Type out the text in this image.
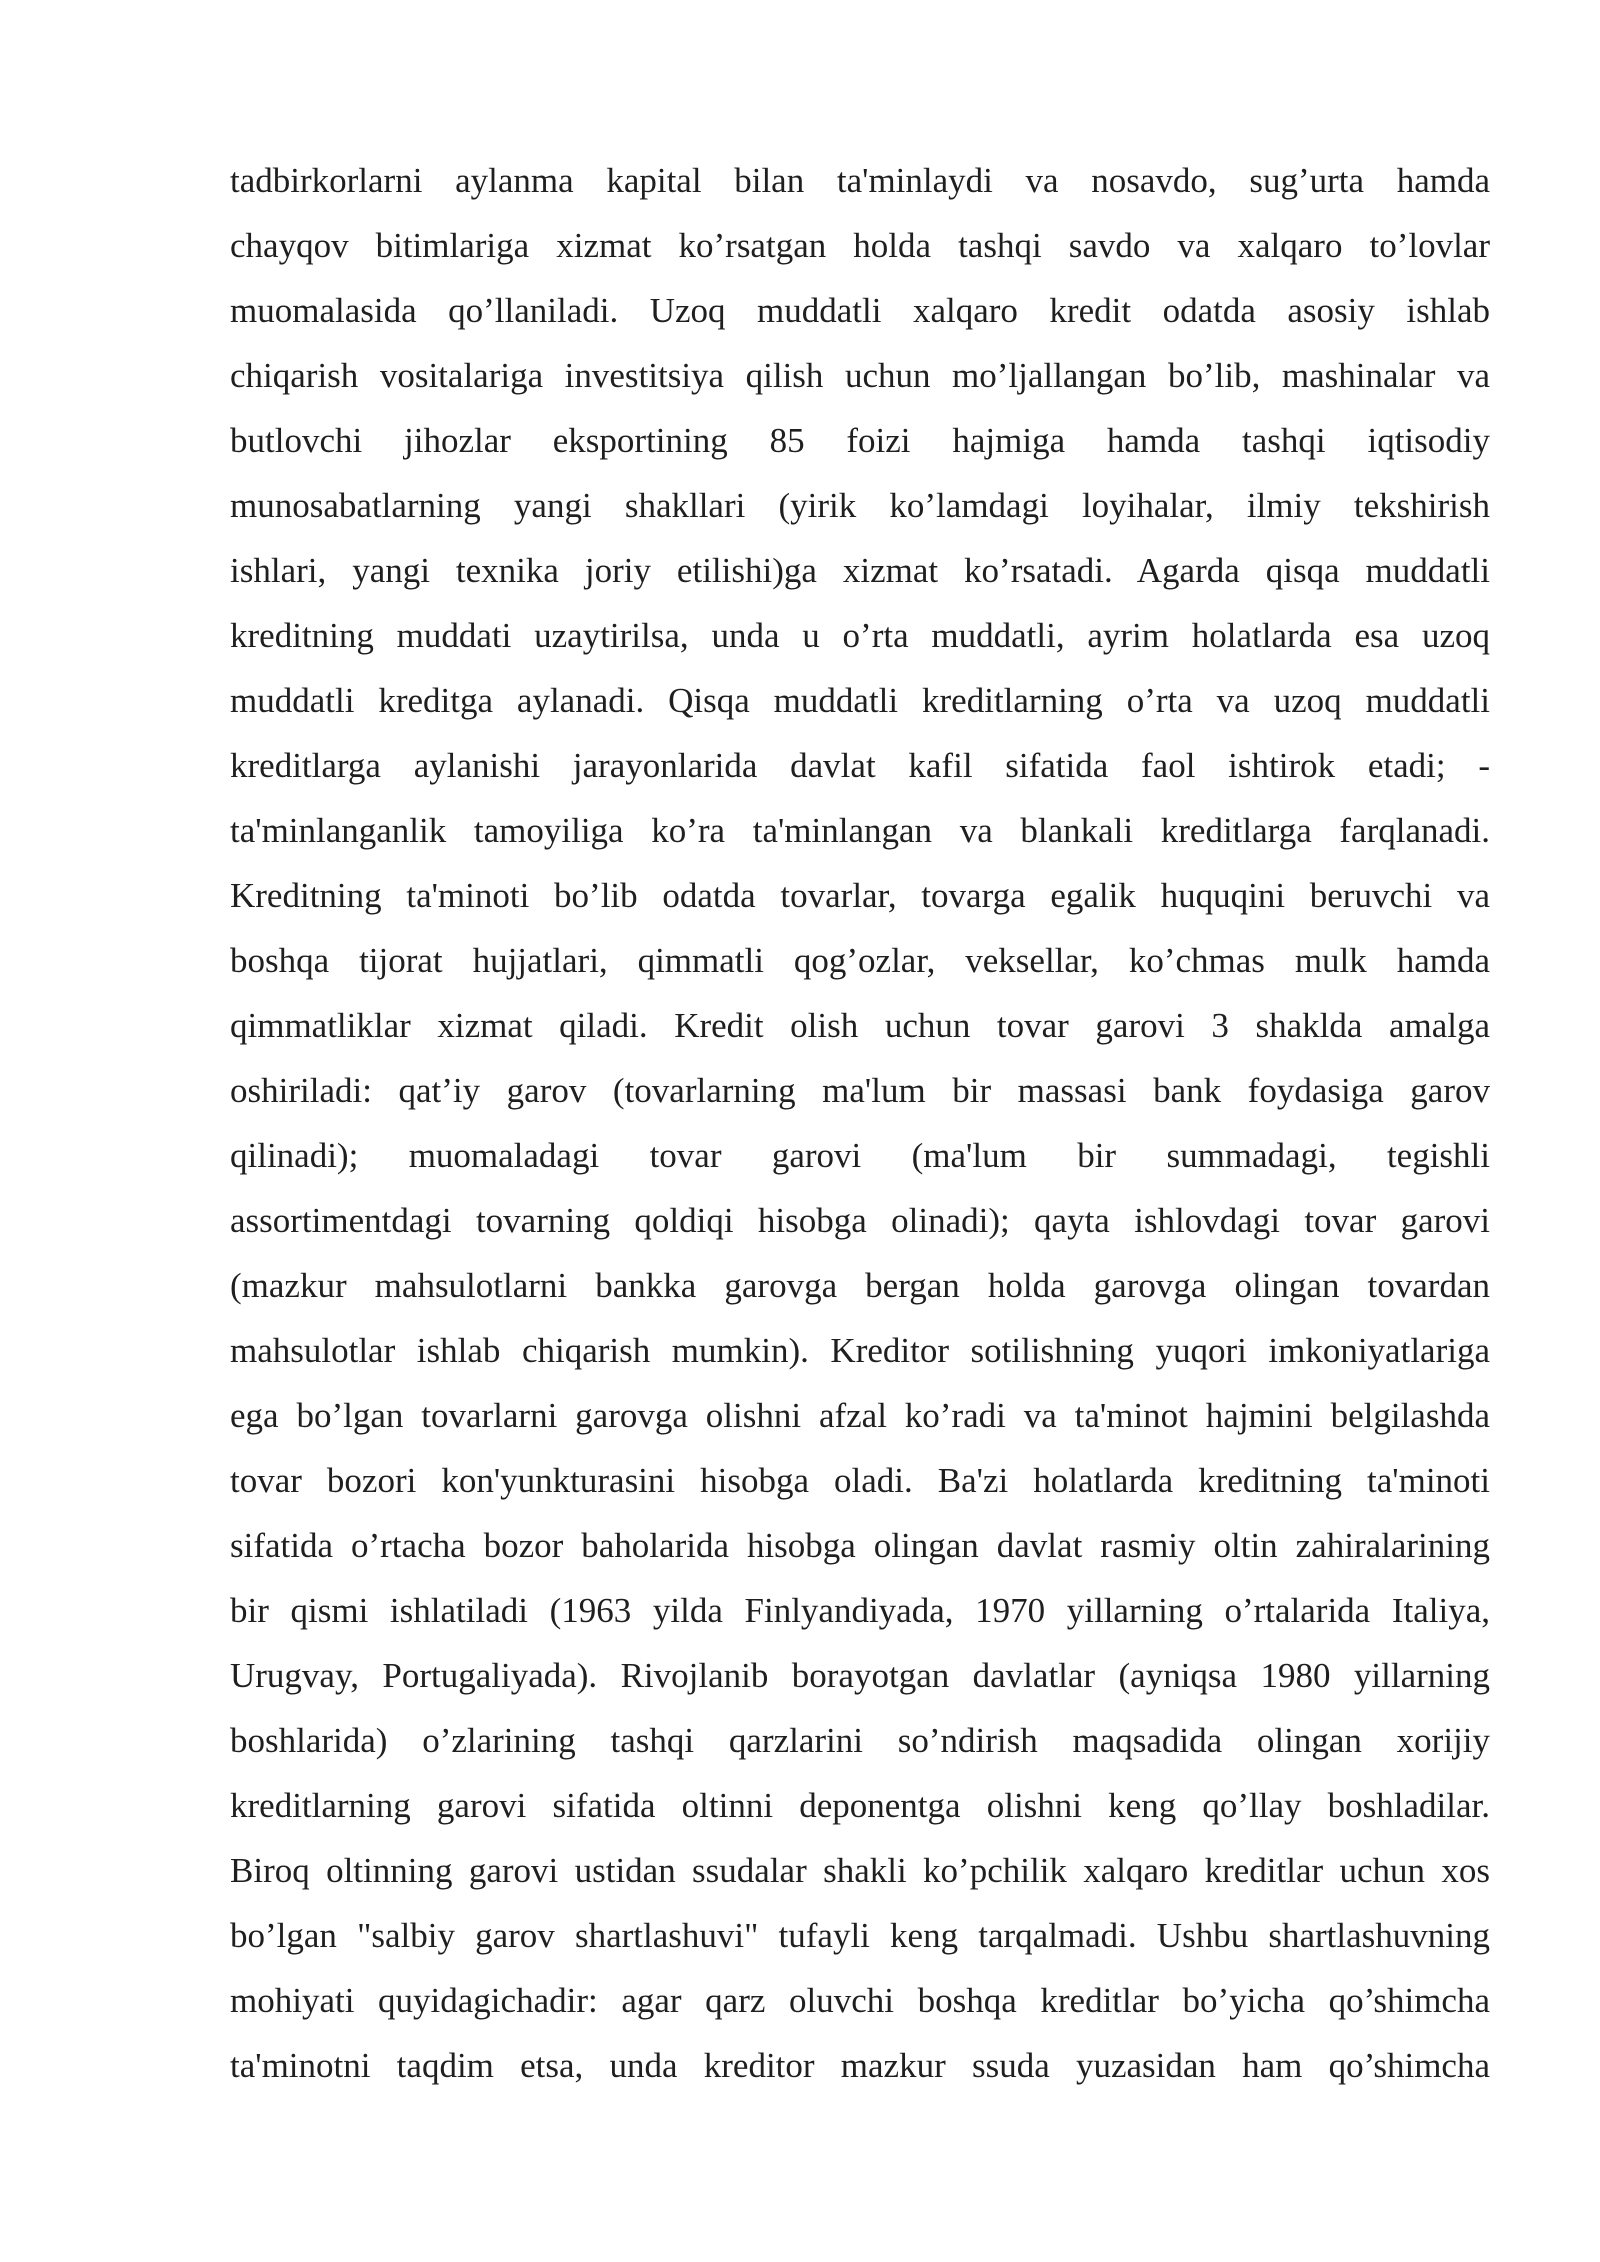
tadbirkorlarni aylanma kapital bilan ta'minlaydi va nosavdo, sug’urta hamda
chayqov bitimlariga xizmat ko’rsatgan holda tashqi savdo va xalqaro to’lovlar
muomalasida qo’llaniladi. Uzoq muddatli xalqaro kredit odatda asosiy ishlab
chiqarish vositalariga investitsiya qilish uchun mo’ljallangan bo’lib, mashinalar va
butlovchi jihozlar eksportining 85 foizi hajmiga hamda tashqi iqtisodiy
munosabatlarning yangi shakllari (yirik ko’lamdagi loyihalar, ilmiy tekshirish
ishlari, yangi texnika joriy etilishi)ga xizmat ko’rsatadi. Agarda qisqa muddatli
kreditning muddati uzaytirilsa, unda u o’rta muddatli, ayrim holatlarda esa uzoq
muddatli kreditga aylanadi. Qisqa muddatli kreditlarning o’rta va uzoq muddatli
kreditlarga aylanishi jarayonlarida davlat kafil sifatida faol ishtirok etadi; -
ta'minlanganlik tamoyiliga ko’ra ta'minlangan va blankali kreditlarga farqlanadi.
Kreditning ta'minoti bo’lib odatda tovarlar, tovarga egalik huquqini beruvchi va
boshqa tijorat hujjatlari, qimmatli qog’ozlar, veksellar, ko’chmas mulk hamda
qimmatliklar xizmat qiladi. Kredit olish uchun tovar garovi 3 shaklda amalga
oshiriladi: qat’iy garov (tovarlarning ma'lum bir massasi bank foydasiga garov
qilinadi); muomaladagi tovar garovi (ma'lum bir summadagi, tegishli
assortimentdagi tovarning qoldiqi hisobga olinadi); qayta ishlovdagi tovar garovi
(mazkur mahsulotlarni bankka garovga bergan holda garovga olingan tovardan
mahsulotlar ishlab chiqarish mumkin). Kreditor sotilishning yuqori imkoniyatlariga
ega bo’lgan tovarlarni garovga olishni afzal ko’radi va ta'minot hajmini belgilashda
tovar bozori kon'yunkturasini hisobga oladi. Ba'zi holatlarda kreditning ta'minoti
sifatida o’rtacha bozor baholarida hisobga olingan davlat rasmiy oltin zahiralarining
bir qismi ishlatiladi (1963 yilda Finlyandiyada, 1970 yillarning o’rtalarida Italiya,
Urugvay, Portugaliyada). Rivojlanib borayotgan davlatlar (ayniqsa 1980 yillarning
boshlarida) o’zlarining tashqi qarzlarini so’ndirish maqsadida olingan xorijiy
kreditlarning garovi sifatida oltinni deponentga olishni keng qo’llay boshladilar.
Biroq oltinning garovi ustidan ssudalar shakli ko’pchilik xalqaro kreditlar uchun xos
bo’lgan "salbiy garov shartlashuvi" tufayli keng tarqalmadi. Ushbu shartlashuvning
mohiyati quyidagichadir: agar qarz oluvchi boshqa kreditlar bo’yicha qo’shimcha
ta'minotni taqdim etsa, unda kreditor mazkur ssuda yuzasidan ham qo’shimcha
